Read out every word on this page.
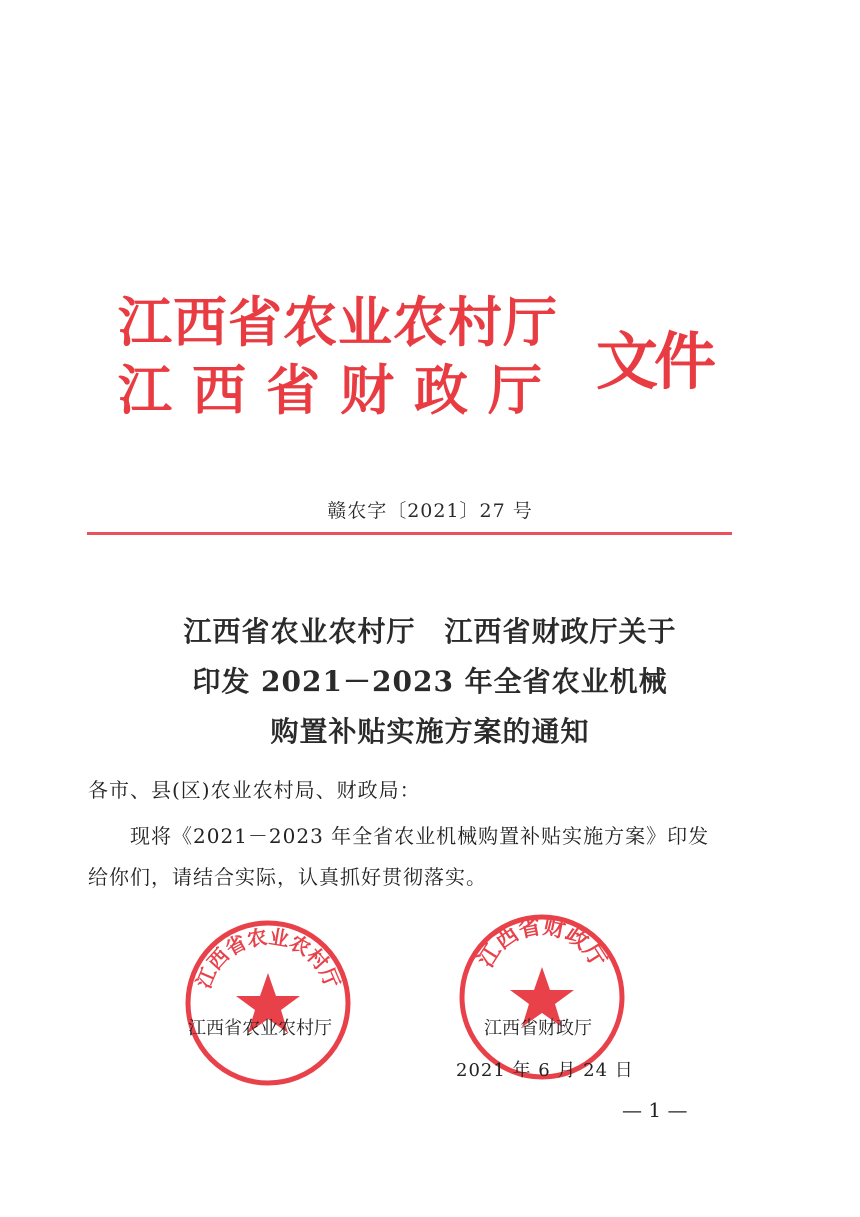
江西省农业农村厅
江西省财政厅 文件
赣农字〔2021〕27 号
江西省农业农村厅　江西省财政厅关于
印发 2021－2023 年全省农业机械
购置补贴实施方案的通知
各市、县(区)农业农村局、财政局：
现将《2021－2023 年全省农业机械购置补贴实施方案》印发
给你们，请结合实际，认真抓好贯彻落实。
江西省农业农村厅
江西省财政厅
江西省农业农村厅	江西省财政厅
2021 年 6 月 24 日
— 1 —
